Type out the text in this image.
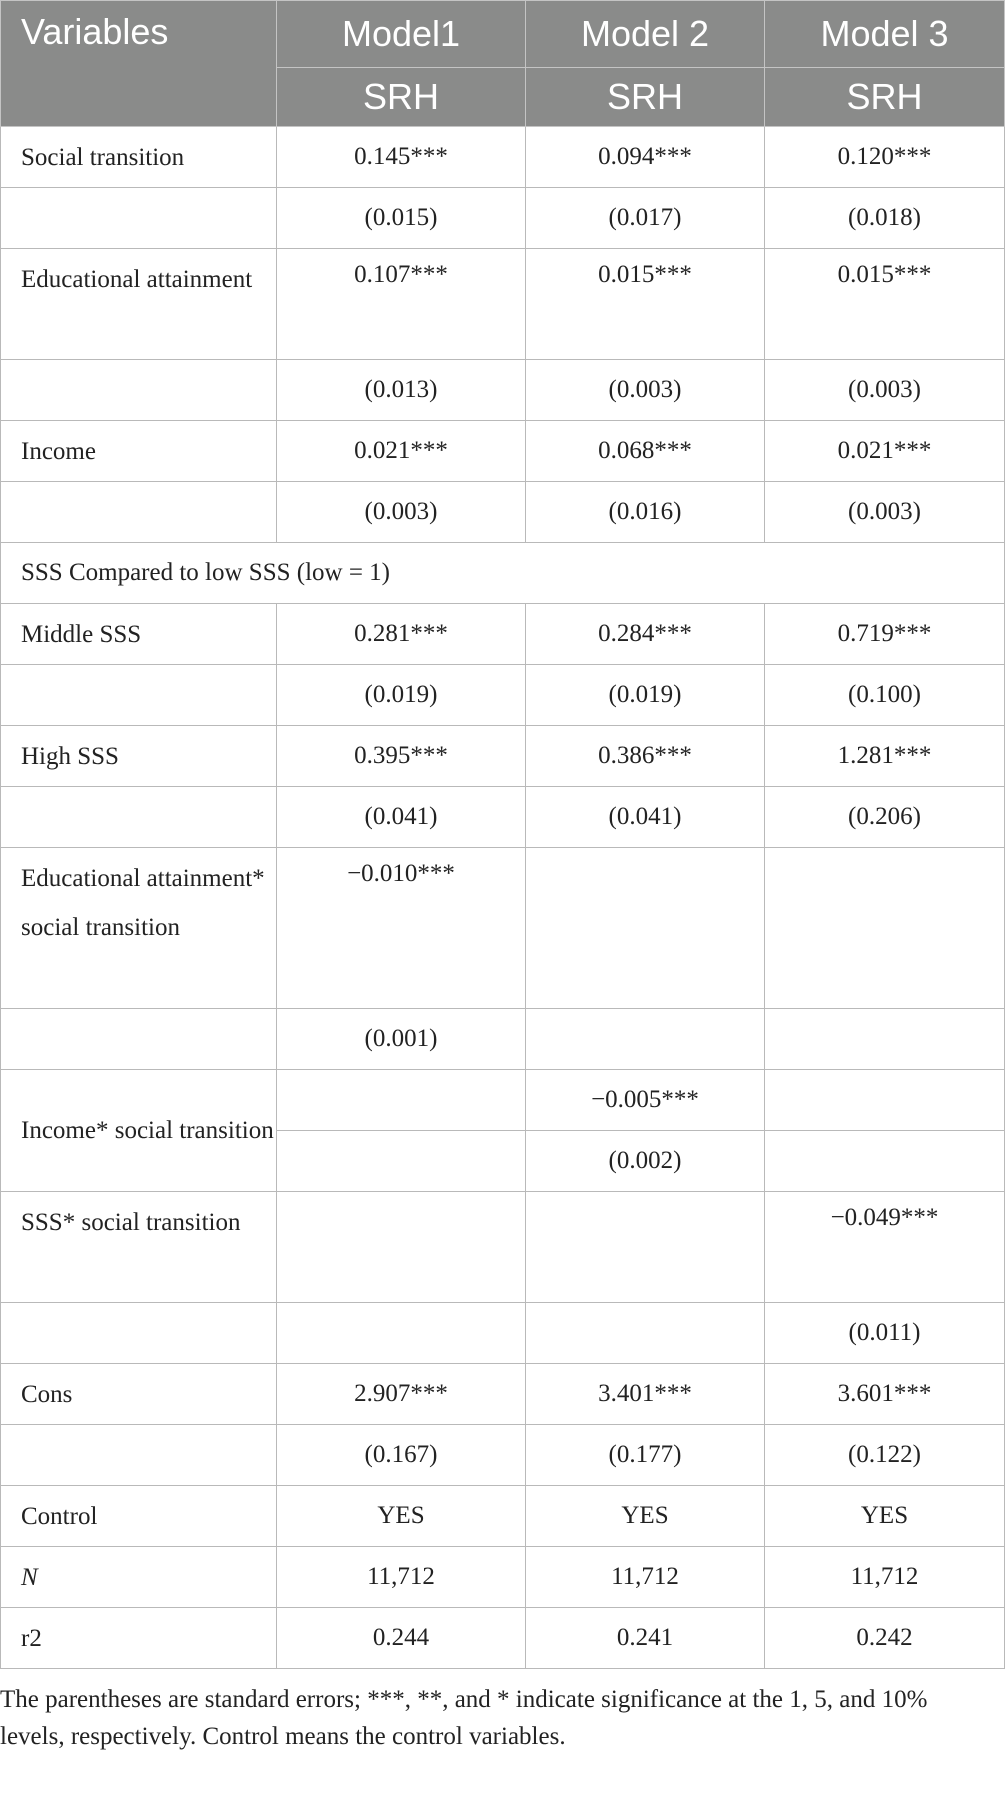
Variables	Model1	Model 2	Model 3
	SRH	SRH	SRH
Social transition	0.145***	0.094***	0.120***
	(0.015)	(0.017)	(0.018)
Educational attainment	0.107***	0.015***	0.015***
	(0.013)	(0.003)	(0.003)
Income	0.021***	0.068***	0.021***
	(0.003)	(0.016)	(0.003)
SSS Compared to low SSS (low = 1)			
Middle SSS	0.281***	0.284***	0.719***
	(0.019)	(0.019)	(0.100)
High SSS	0.395***	0.386***	1.281***
	(0.041)	(0.041)	(0.206)
Educational attainment* social transition	−0.010***		
	(0.001)		
Income* social transition		−0.005***	
		(0.002)	
SSS* social transition			−0.049***
			(0.011)
Cons	2.907***	3.401***	3.601***
	(0.167)	(0.177)	(0.122)
Control	YES	YES	YES
N	11,712	11,712	11,712
r2	0.244	0.241	0.242
The parentheses are standard errors; ***, **, and * indicate significance at the 1, 5, and 10% levels, respectively. Control means the control variables.
